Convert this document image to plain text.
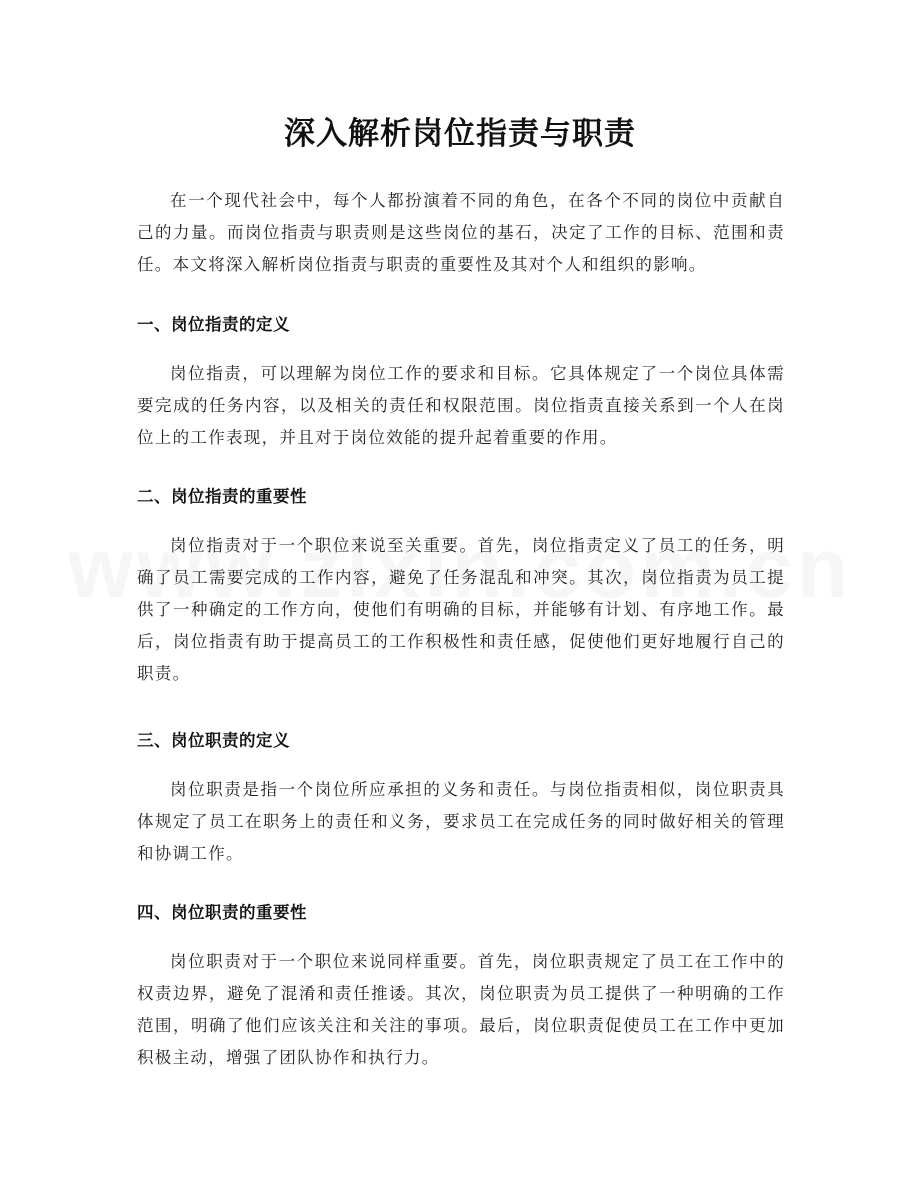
深入解析岗位指责与职责

在一个现代社会中，每个人都扮演着不同的角色，在各个不同的岗位中贡献自己的力量。而岗位指责与职责则是这些岗位的基石，决定了工作的目标、范围和责任。本文将深入解析岗位指责与职责的重要性及其对个人和组织的影响。

一、岗位指责的定义

岗位指责，可以理解为岗位工作的要求和目标。它具体规定了一个岗位具体需要完成的任务内容，以及相关的责任和权限范围。岗位指责直接关系到一个人在岗位上的工作表现，并且对于岗位效能的提升起着重要的作用。

二、岗位指责的重要性

岗位指责对于一个职位来说至关重要。首先，岗位指责定义了员工的任务，明确了员工需要完成的工作内容，避免了任务混乱和冲突。其次，岗位指责为员工提供了一种确定的工作方向，使他们有明确的目标，并能够有计划、有序地工作。最后，岗位指责有助于提高员工的工作积极性和责任感，促使他们更好地履行自己的职责。

三、岗位职责的定义

岗位职责是指一个岗位所应承担的义务和责任。与岗位指责相似，岗位职责具体规定了员工在职务上的责任和义务，要求员工在完成任务的同时做好相关的管理和协调工作。

四、岗位职责的重要性

岗位职责对于一个职位来说同样重要。首先，岗位职责规定了员工在工作中的权责边界，避免了混淆和责任推诿。其次，岗位职责为员工提供了一种明确的工作范围，明确了他们应该关注和关注的事项。最后，岗位职责促使员工在工作中更加积极主动，增强了团队协作和执行力。
